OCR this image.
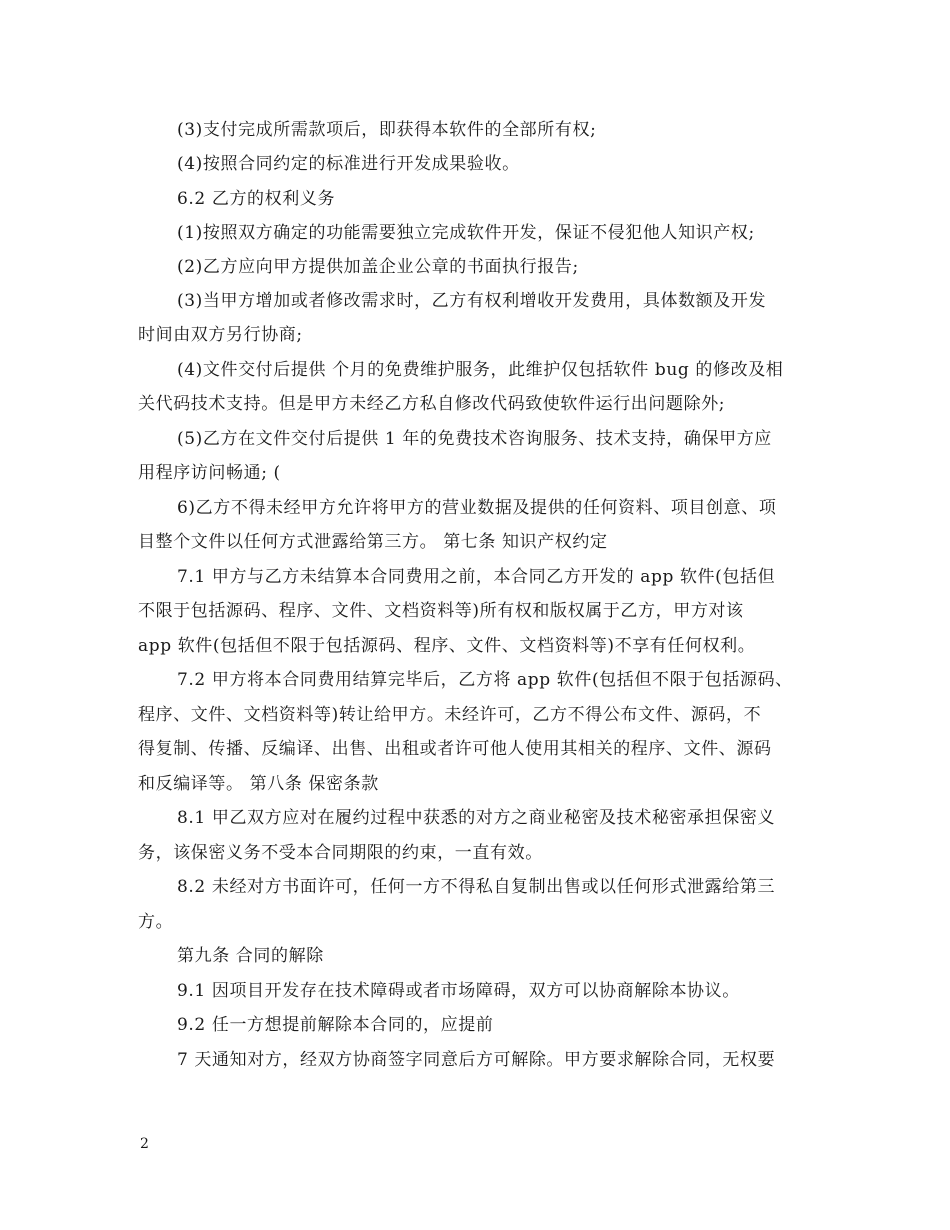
(3)支付完成所需款项后，即获得本软件的全部所有权;
(4)按照合同约定的标准进行开发成果验收。
6.2 乙方的权利义务
(1)按照双方确定的功能需要独立完成软件开发，保证不侵犯他人知识产权;
(2)乙方应向甲方提供加盖企业公章的书面执行报告;
(3)当甲方增加或者修改需求时，乙方有权利增收开发费用，具体数额及开发
时间由双方另行协商;
(4)文件交付后提供 个月的免费维护服务，此维护仅包括软件 bug 的修改及相
关代码技术支持。但是甲方未经乙方私自修改代码致使软件运行出问题除外;
(5)乙方在文件交付后提供 1 年的免费技术咨询服务、技术支持，确保甲方应
用程序访问畅通; (
6)乙方不得未经甲方允许将甲方的营业数据及提供的任何资料、项目创意、项
目整个文件以任何方式泄露给第三方。 第七条 知识产权约定
7.1 甲方与乙方未结算本合同费用之前，本合同乙方开发的 app 软件(包括但
不限于包括源码、程序、文件、文档资料等)所有权和版权属于乙方，甲方对该
app 软件(包括但不限于包括源码、程序、文件、文档资料等)不享有任何权利。
7.2 甲方将本合同费用结算完毕后，乙方将 app 软件(包括但不限于包括源码、
程序、文件、文档资料等)转让给甲方。未经许可，乙方不得公布文件、源码，不
得复制、传播、反编译、出售、出租或者许可他人使用其相关的程序、文件、源码
和反编译等。 第八条 保密条款
8.1 甲乙双方应对在履约过程中获悉的对方之商业秘密及技术秘密承担保密义
务，该保密义务不受本合同期限的约束，一直有效。
8.2 未经对方书面许可，任何一方不得私自复制出售或以任何形式泄露给第三
方。
第九条 合同的解除
9.1 因项目开发存在技术障碍或者市场障碍，双方可以协商解除本协议。
9.2 任一方想提前解除本合同的，应提前
7 天通知对方，经双方协商签字同意后方可解除。甲方要求解除合同，无权要
2
